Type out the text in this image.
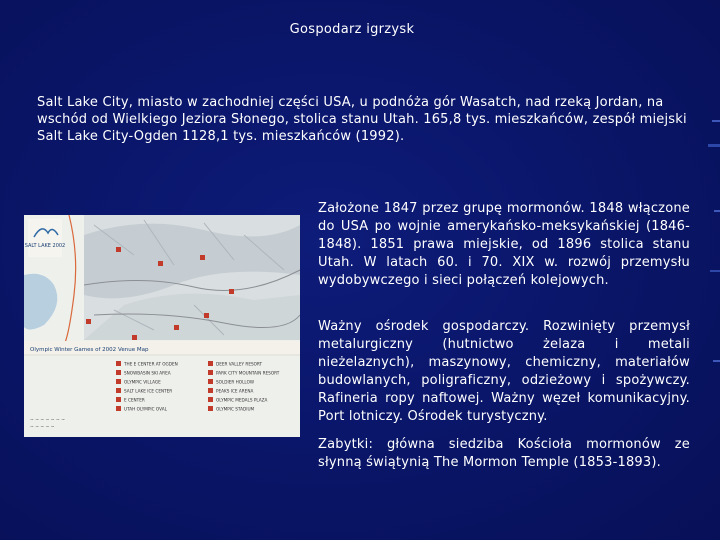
Gospodarz igrzysk
Salt Lake City, miasto w zachodniej części USA, u podnóża gór Wasatch, nad rzeką Jordan, na wschód od Wielkiego Jeziora Słonego, stolica stanu Utah. 165,8 tys. mieszkańców, zespół miejski Salt Lake City-Ogden 1128,1 tys. mieszkańców (1992).
SALT LAKE 2002
Olympic Winter Games of 2002 Venue Map
THE E CENTER AT OGDEN
SNOWBASIN SKI AREA
OLYMPIC VILLAGE
SALT LAKE ICE CENTER
E CENTER
UTAH OLYMPIC OVAL
DEER VALLEY RESORT
PARK CITY MOUNTAIN RESORT
SOLDIER HOLLOW
PEAKS ICE ARENA
OLYMPIC MEDALS PLAZA
OLYMPIC STADIUM
~ ~ ~ ~ ~ ~ ~
~ ~ ~ ~ ~
Założone 1847 przez grupę mormonów. 1848 włączone do USA po wojnie amerykańsko-meksykańskiej (1846-1848). 1851 prawa miejskie, od 1896 stolica stanu Utah. W latach 60. i 70. XIX w. rozwój przemysłu wydobywczego i sieci połączeń kolejowych.
Ważny ośrodek gospodarczy. Rozwinięty przemysł metalurgiczny (hutnictwo żelaza i metali nieżelaznych), maszynowy, chemiczny, materiałów budowlanych, poligraficzny, odzieżowy i spożywczy. Rafineria ropy naftowej. Ważny węzeł komunikacyjny. Port lotniczy. Ośrodek turystyczny.
Zabytki: główna siedziba Kościoła mormonów ze słynną świątynią The Mormon Temple (1853-1893).
